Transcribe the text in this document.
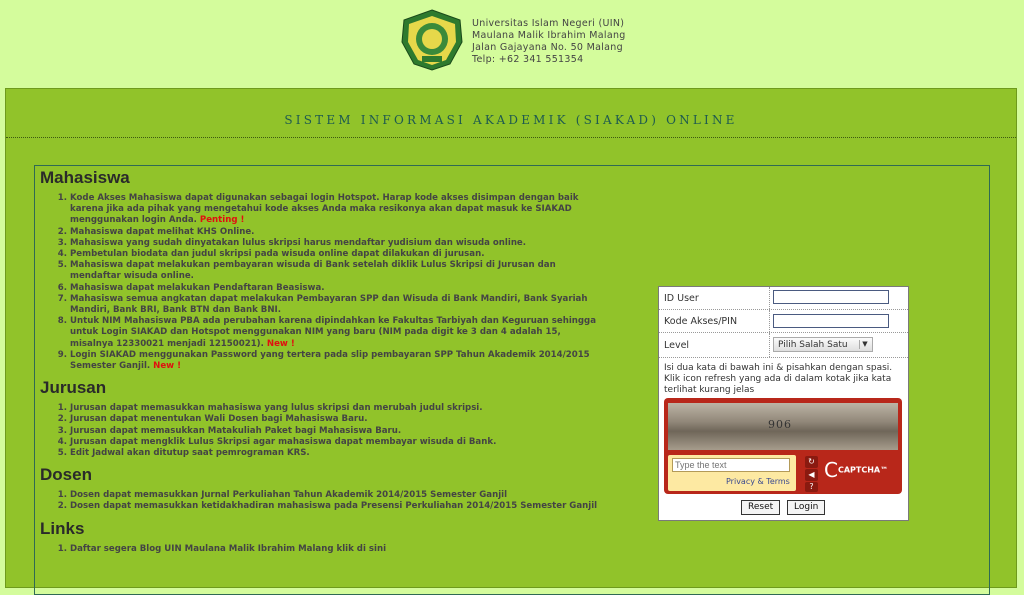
Universitas Islam Negeri (UIN)
Maulana Malik Ibrahim Malang
Jalan Gajayana No. 50 Malang
Telp: +62 341 551354
SISTEM INFORMASI AKADEMIK (SIAKAD) ONLINE
Mahasiswa
1. Kode Akses Mahasiswa dapat digunakan sebagai login Hotspot. Harap kode akses disimpan dengan baik karena jika ada pihak yang mengetahui kode akses Anda maka resikonya akan dapat masuk ke SIAKAD menggunakan login Anda. Penting !
2. Mahasiswa dapat melihat KHS Online.
3. Mahasiswa yang sudah dinyatakan lulus skripsi harus mendaftar yudisium dan wisuda online.
4. Pembetulan biodata dan judul skripsi pada wisuda online dapat dilakukan di jurusan.
5. Mahasiswa dapat melakukan pembayaran wisuda di Bank setelah diklik Lulus Skripsi di Jurusan dan mendaftar wisuda online.
6. Mahasiswa dapat melakukan Pendaftaran Beasiswa.
7. Mahasiswa semua angkatan dapat melakukan Pembayaran SPP dan Wisuda di Bank Mandiri, Bank Syariah Mandiri, Bank BRI, Bank BTN dan Bank BNI.
8. Untuk NIM Mahasiswa PBA ada perubahan karena dipindahkan ke Fakultas Tarbiyah dan Keguruan sehingga untuk Login SIAKAD dan Hotspot menggunakan NIM yang baru (NIM pada digit ke 3 dan 4 adalah 15, misalnya 12330021 menjadi 12150021). New !
9. Login SIAKAD menggunakan Password yang tertera pada slip pembayaran SPP Tahun Akademik 2014/2015 Semester Ganjil. New !
Jurusan
1. Jurusan dapat memasukkan mahasiswa yang lulus skripsi dan merubah judul skripsi.
2. Jurusan dapat menentukan Wali Dosen bagi Mahasiswa Baru.
3. Jurusan dapat memasukkan Matakuliah Paket bagi Mahasiswa Baru.
4. Jurusan dapat mengklik Lulus Skripsi agar mahasiswa dapat membayar wisuda di Bank.
5. Edit Jadwal akan ditutup saat pemrograman KRS.
Dosen
1. Dosen dapat memasukkan Jurnal Perkuliahan Tahun Akademik 2014/2015 Semester Ganjil
2. Dosen dapat memasukkan ketidakhadiran mahasiswa pada Presensi Perkuliahan 2014/2015 Semester Ganjil
Links
1. Daftar segera Blog UIN Maulana Malik Ibrahim Malang klik di sini
ID User
Kode Akses/PIN
Level	Pilih Salah Satu	▼
Isi dua kata di bawah ini & pisahkan dengan spasi. Klik icon refresh yang ada di dalam kotak jika kata terlihat kurang jelas
906
Type the text
Privacy & Terms
↻
◀
?
CCAPTCHA™
Reset	Login
